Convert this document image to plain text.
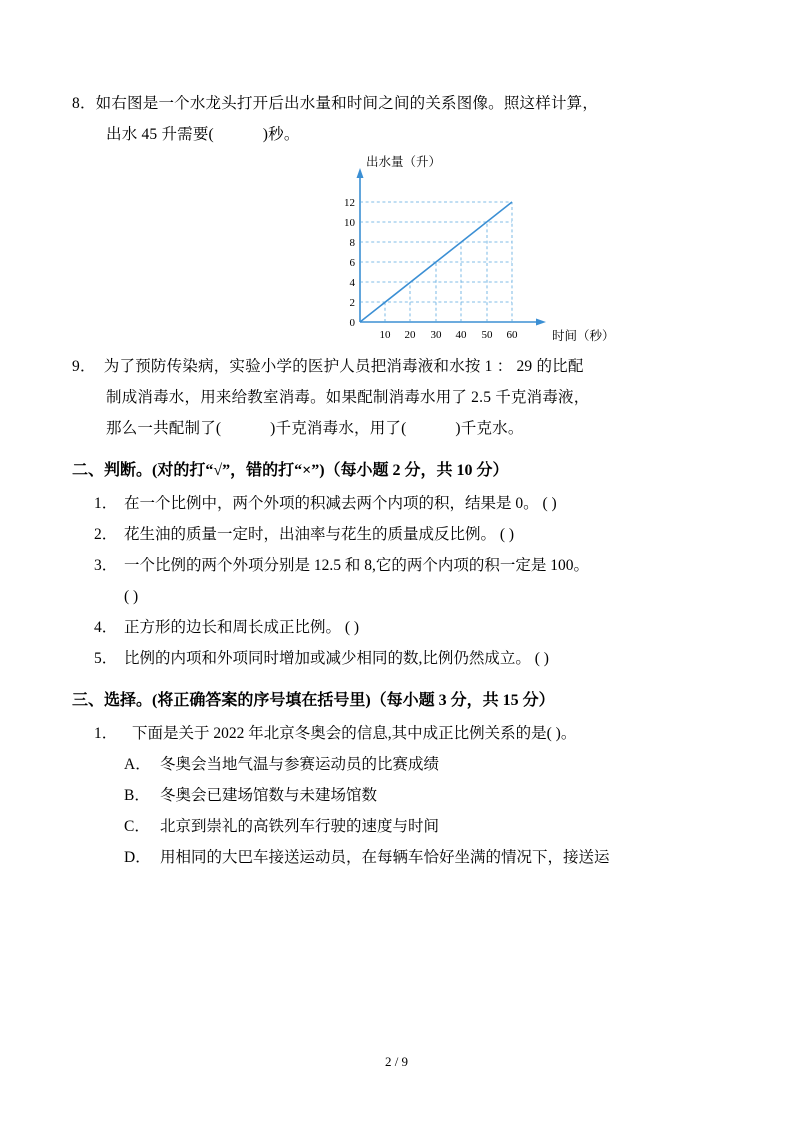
8．如右图是一个水龙头打开后出水量和时间之间的关系图像。照这样计算，
出水 45 升需要(            )秒。
12
10
8
6
4
2
0
10 20 30 40 50 60
出水量（升）
时间（秒）
9．  为了预防传染病，实验小学的医护人员把消毒液和水按 1 ： 29 的比配
制成消毒水，用来给教室消毒。如果配制消毒水用了 2.5 千克消毒液，
那么一共配制了(            )千克消毒水，用了(            )千克水。
二、判断。(对的打“√”，错的打“×”)（每小题 2 分，共 10 分）
1． 在一个比例中，两个外项的积减去两个内项的积，结果是 0。 ( )
2． 花生油的质量一定时，出油率与花生的质量成反比例。 ( )
3． 一个比例的两个外项分别是 12.5 和 8,它的两个内项的积一定是 100。
( )
4． 正方形的边长和周长成正比例。 ( )
5． 比例的内项和外项同时增加或减少相同的数,比例仍然成立。 ( )
三、选择。(将正确答案的序号填在括号里)（每小题 3 分，共 15 分）
1． 下面是关于 2022 年北京冬奥会的信息,其中成正比例关系的是( )。
A． 冬奥会当地气温与参赛运动员的比赛成绩
B． 冬奥会已建场馆数与未建场馆数
C． 北京到崇礼的高铁列车行驶的速度与时间
D． 用相同的大巴车接送运动员，在每辆车恰好坐满的情况下，接送运
2 / 9
